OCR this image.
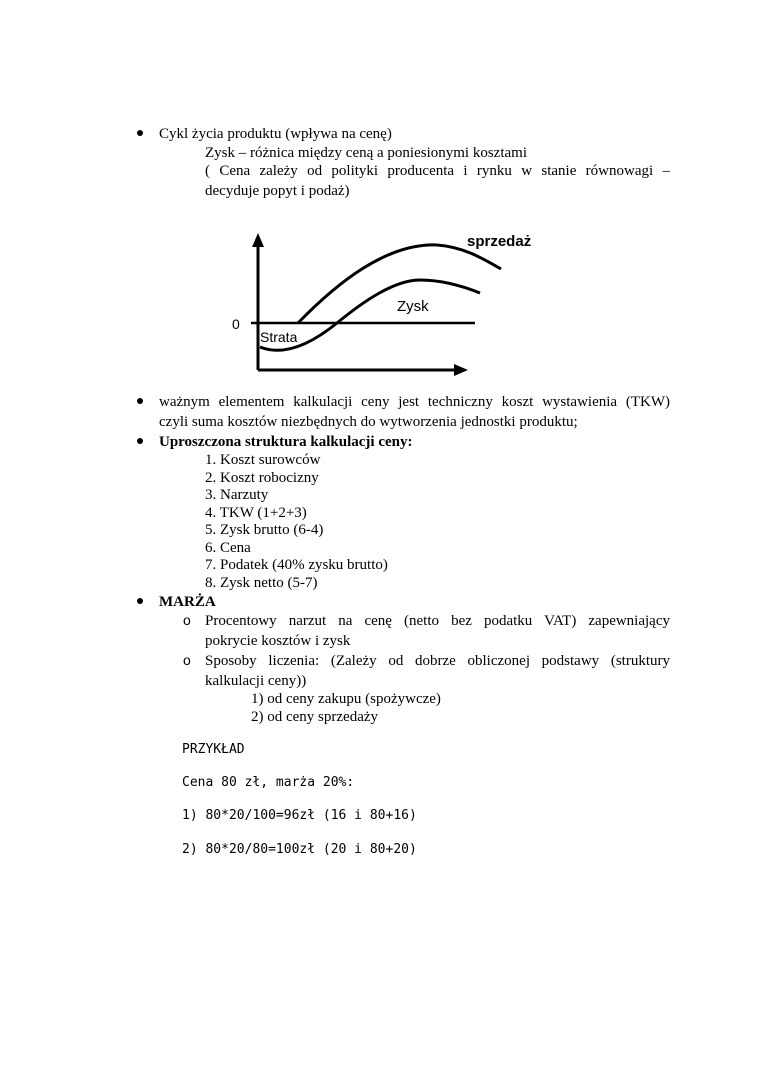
Cykl życia produktu (wpływa na cenę)
Zysk – różnica między ceną a poniesionymi kosztami
( Cena zależy od polityki producenta i rynku w stanie równowagi –
decyduje popyt i podaż)
0
Strata
Zysk
sprzedaż
ważnym elementem kalkulacji ceny jest techniczny koszt wystawienia (TKW)
czyli suma kosztów niezbędnych do wytworzenia jednostki produktu;
Uproszczona struktura kalkulacji ceny:
1. Koszt surowców
2. Koszt robocizny
3. Narzuty
4. TKW (1+2+3)
5. Zysk brutto (6-4)
6. Cena
7. Podatek (40% zysku brutto)
8. Zysk netto (5-7)
MARŻA
o Procentowy narzut na cenę (netto bez podatku VAT) zapewniający
pokrycie kosztów i zysk
o Sposoby liczenia: (Zależy od dobrze obliczonej podstawy (struktury
kalkulacji ceny))
1) od ceny zakupu (spożywcze)
2) od ceny sprzedaży
PRZYKŁAD
Cena 80 zł, marża 20%:
1) 80*20/100=96zł (16 i 80+16)
2) 80*20/80=100zł (20 i 80+20)
